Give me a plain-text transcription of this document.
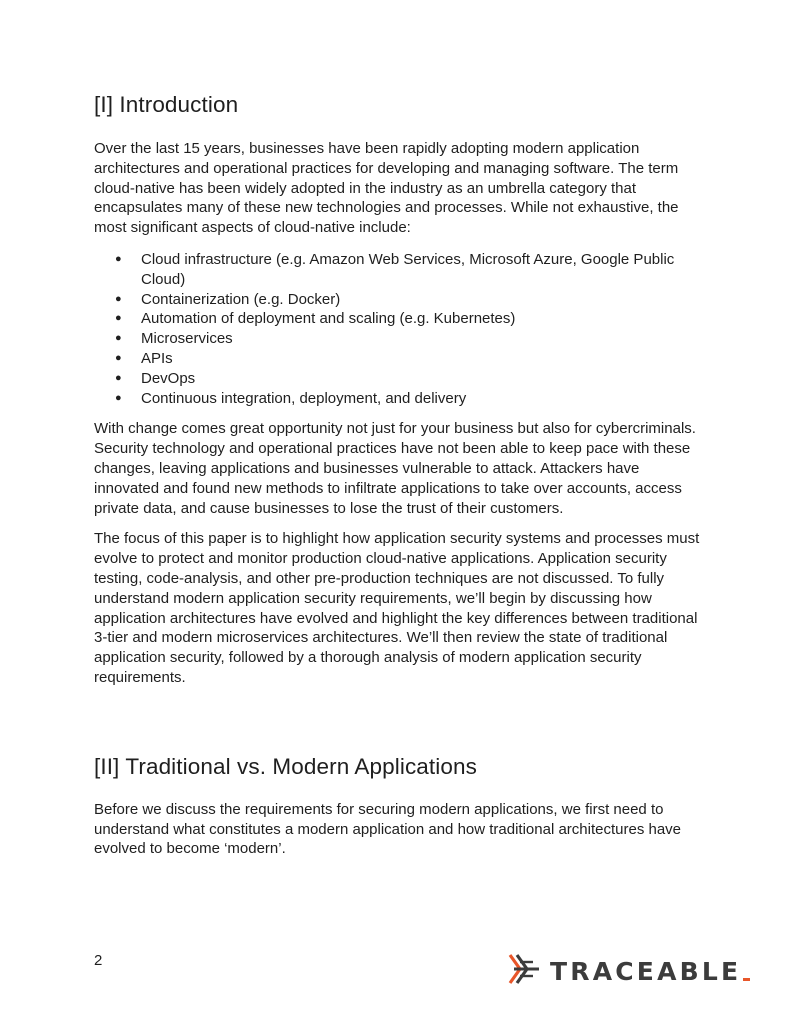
[I] Introduction

Over the last 15 years, businesses have been rapidly adopting modern application architectures and operational practices for developing and managing software. The term cloud-native has been widely adopted in the industry as an umbrella category that encapsulates many of these new technologies and processes. While not exhaustive, the most significant aspects of cloud-native include:

● Cloud infrastructure (e.g. Amazon Web Services, Microsoft Azure, Google Public Cloud)
● Containerization (e.g. Docker)
● Automation of deployment and scaling (e.g. Kubernetes)
● Microservices
● APIs
● DevOps
● Continuous integration, deployment, and delivery

With change comes great opportunity not just for your business but also for cybercriminals. Security technology and operational practices have not been able to keep pace with these changes, leaving applications and businesses vulnerable to attack. Attackers have innovated and found new methods to infiltrate applications to take over accounts, access private data, and cause businesses to lose the trust of their customers.

The focus of this paper is to highlight how application security systems and processes must evolve to protect and monitor production cloud-native applications. Application security testing, code-analysis, and other pre-production techniques are not discussed. To fully understand modern application security requirements, we’ll begin by discussing how application architectures have evolved and highlight the key differences between traditional 3-tier and modern microservices architectures. We’ll then review the state of traditional application security, followed by a thorough analysis of modern application security requirements.

[II] Traditional vs. Modern Applications

Before we discuss the requirements for securing modern applications, we first need to understand what constitutes a modern application and how traditional architectures have evolved to become ‘modern’.

2	TRACEABLE
